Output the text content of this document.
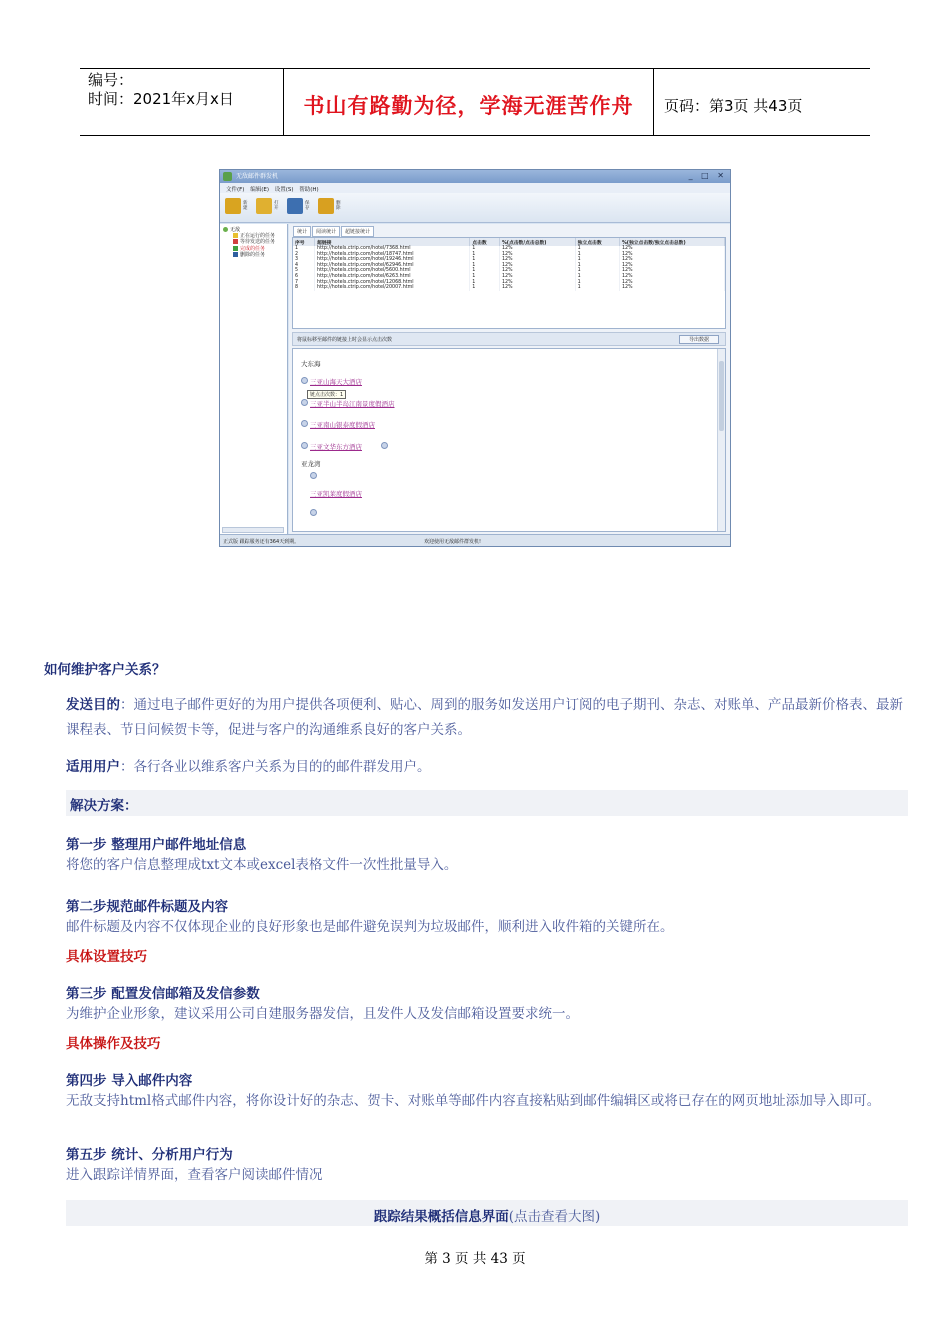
编号：
时间：2021年x月x日	书山有路勤为径，学海无涯苦作舟	页码：第3页 共43页
无敌邮件群发机	_ □ ✕
文件(F) 编辑(E) 设置(S) 帮助(H)
新建
打开
保存
删除
无敌
正在运行的任务
等待发送的任务
完成的任务
删除的任务
统计 阅读统计 超链接统计
序号	超链接	点击数	%(点击数/点击总数)	独立点击数	%(独立点击数/独立点击总数)
1	http://hotels.ctrip.com/hotel/7368.html	1	12%	1	12%
2	http://hotels.ctrip.com/hotel/18747.html	1	12%	1	12%
3	http://hotels.ctrip.com/hotel/19246.html	1	12%	1	12%
4	http://hotels.ctrip.com/hotel/62946.html	1	12%	1	12%
5	http://hotels.ctrip.com/hotel/5600.html	1	12%	1	12%
6	http://hotels.ctrip.com/hotel/6263.html	1	12%	1	12%
7	http://hotels.ctrip.com/hotel/12068.html	1	12%	1	12%
8	http://hotels.ctrip.com/hotel/20007.html	1	12%	1	12%
将鼠标移至邮件的链接上时会显示点击次数	导出数据
大东海
三亚山海天大酒店
链点击次数：1
三亚半山半岛江南景度假酒店
三亚南山银泰度假酒店
三亚文华东方酒店
亚龙湾
三亚凯莱度假酒店
正式版 跟踪服务还有364天到期。	欢迎使用无敌邮件群发机!
如何维护客户关系？
发送目的：通过电子邮件更好的为用户提供各项便利、贴心、周到的服务如发送用户订阅的电子期刊、杂志、对账单、产品最新价格表、最新课程表、节日问候贺卡等，促进与客户的沟通维系良好的客户关系。
适用用户：各行各业以维系客户关系为目的的邮件群发用户。
解决方案：
第一步 整理用户邮件地址信息
将您的客户信息整理成txt文本或excel表格文件一次性批量导入。
第二步规范邮件标题及内容
邮件标题及内容不仅体现企业的良好形象也是邮件避免误判为垃圾邮件，顺利进入收件箱的关键所在。
具体设置技巧
第三步 配置发信邮箱及发信参数
为维护企业形象，建议采用公司自建服务器发信，且发件人及发信邮箱设置要求统一。
具体操作及技巧
第四步 导入邮件内容
无敌支持html格式邮件内容，将你设计好的杂志、贺卡、对账单等邮件内容直接粘贴到邮件编辑区或将已存在的网页地址添加导入即可。
第五步 统计、分析用户行为
进入跟踪详情界面，查看客户阅读邮件情况
跟踪结果概括信息界面(点击查看大图)
第 3 页 共 43 页
